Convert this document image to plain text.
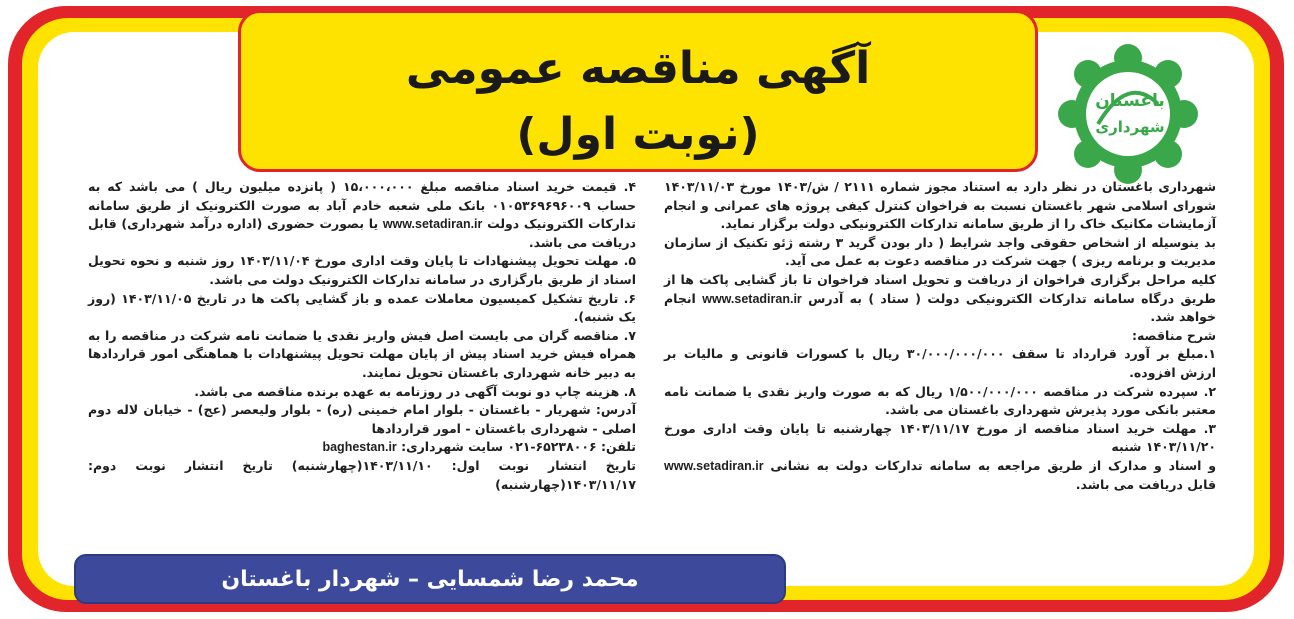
آگهی مناقصه عمومی
(نوبت اول)
باغستان
شهرداری

شهرداری باغستان در نظر دارد به استناد مجوز شماره ۲۱۱۱ / ش/۱۴۰۳ مورخ ۱۴۰۳/۱۱/۰۳ شورای اسلامی شهر باغستان نسبت به فراخوان کنترل کیفی پروژه های عمرانی و انجام آزمایشات مکانیک خاک را از طریق سامانه تدارکات الکترونیکی دولت برگزار نماید.

بد ینوسیله از اشخاص حقوقی واجد شرایط ( دار بودن گرید ۳ رشته ژئو تکنیک از سازمان مدیریت و برنامه ریزی ) جهت شرکت در مناقصه دعوت به عمل می آید.

کلیه مراحل برگزاری فراخوان از دریافت و تحویل اسناد فراخوان تا باز گشایی پاکت ها از طریق درگاه سامانه تدارکات الکترونیکی دولت ( ستاد ) به آدرس www.setadiran.ir انجام خواهد شد.

شرح مناقصه:

۱.مبلغ بر آورد قرارداد تا سقف ۳۰/۰۰۰/۰۰۰/۰۰۰ ریال با کسورات قانونی و مالیات بر ارزش افزوده.

۲. سپرده شرکت در مناقصه ۱/۵۰۰/۰۰۰/۰۰۰ ریال که به صورت واریز نقدی یا ضمانت نامه معتبر بانکی مورد پذیرش شهرداری باغستان می باشد.

۳. مهلت خرید اسناد مناقصه از مورخ ۱۴۰۳/۱۱/۱۷ چهارشنبه تا پایان وقت اداری مورخ ۱۴۰۳/۱۱/۲۰ شنبه

و اسناد و مدارک از طریق مراجعه به سامانه تدارکات دولت به نشانی www.setadiran.ir قابل دریافت می باشد.

۴. قیمت خرید اسناد مناقصه مبلغ ۱۵،۰۰۰،۰۰۰ ( پانزده میلیون ریال ) می باشد که به حساب ۰۱۰۵۳۶۹۶۹۶۰۰۹ بانک ملی شعبه خادم آباد به صورت الکترونیک از طریق سامانه تدارکات الکترونیک دولت www.setadiran.ir یا بصورت حضوری (اداره درآمد شهرداری) قابل دریافت می باشد.

۵. مهلت تحویل پیشنهادات تا پایان وقت اداری مورخ ۱۴۰۳/۱۱/۰۴ روز شنبه و نحوه تحویل اسناد از طریق بارگزاری در سامانه تدارکات الکترونیک دولت می باشد.

۶. تاریخ تشکیل کمیسیون معاملات عمده و باز گشایی پاکت ها در تاریخ ۱۴۰۳/۱۱/۰۵ (روز یک شنبه).

۷. مناقصه گران می بایست اصل فیش واریز نقدی یا ضمانت نامه شرکت در مناقصه را به همراه فیش خرید اسناد پیش از پایان مهلت تحویل پیشنهادات با هماهنگی امور قراردادها به دبیر خانه شهرداری باغستان تحویل نمایند.

۸. هزینه چاپ دو نوبت آگهی در روزنامه به عهده برنده مناقصه می باشد.

آدرس: شهریار - باغستان - بلوار امام خمینی (ره) - بلوار ولیعصر (عج) - خیابان لاله دوم اصلی - شهرداری باغستان - امور قراردادها

تلفن: ۶۵۲۳۸۰۰۶-۰۲۱ سایت شهرداری: baghestan.ir

تاریخ انتشار نوبت اول: ۱۴۰۳/۱۱/۱۰(چهارشنبه) تاریخ انتشار نوبت دوم: ۱۴۰۳/۱۱/۱۷(چهارشنبه)

محمد رضا شمسایی – شهردار باغستان
